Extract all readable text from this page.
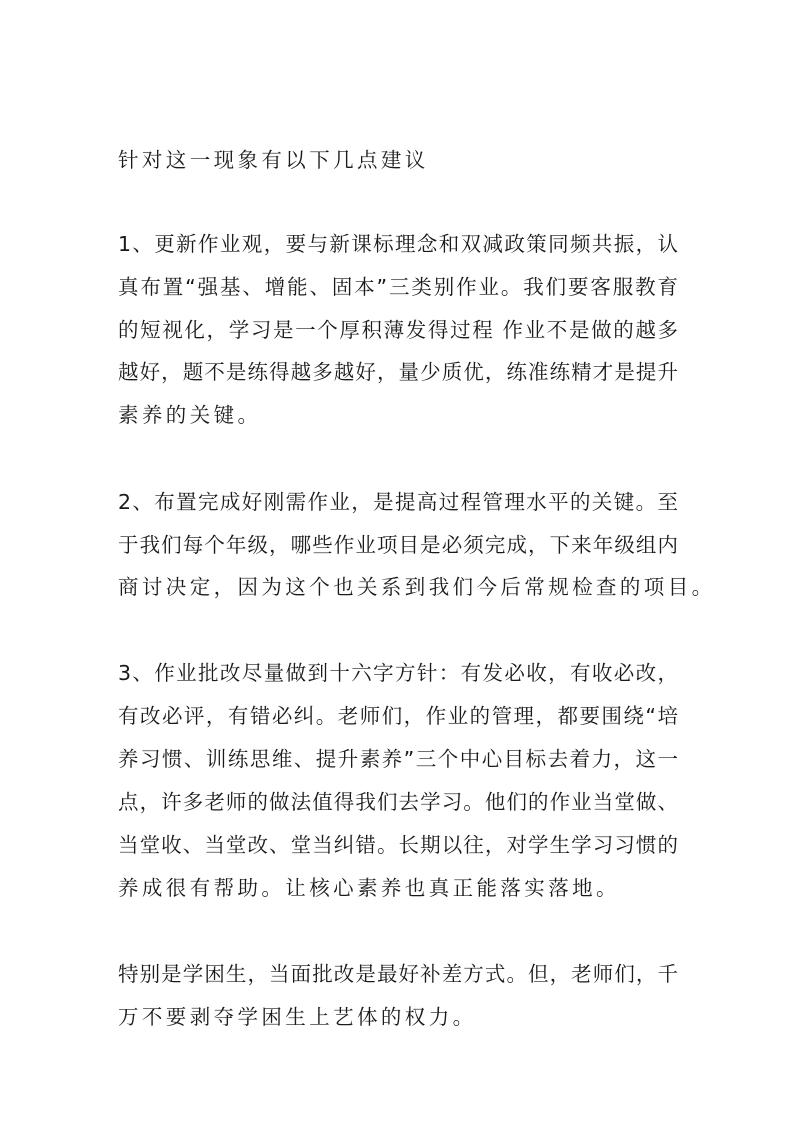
针对这一现象有以下几点建议
1、更新作业观，要与新课标理念和双减政策同频共振，认
真布置“强基、增能、固本”三类别作业。我们要客服教育
的短视化，学习是一个厚积薄发得过程 作业不是做的越多
越好，题不是练得越多越好，量少质优，练准练精才是提升
素养的关键。
2、布置完成好刚需作业，是提高过程管理水平的关键。至
于我们每个年级，哪些作业项目是必须完成，下来年级组内
商讨决定，因为这个也关系到我们今后常规检查的项目。
3、作业批改尽量做到十六字方针：有发必收，有收必改，
有改必评，有错必纠。老师们，作业的管理，都要围绕“培
养习惯、训练思维、提升素养”三个中心目标去着力，这一
点，许多老师的做法值得我们去学习。他们的作业当堂做、
当堂收、当堂改、堂当纠错。长期以往，对学生学习习惯的
养成很有帮助。让核心素养也真正能落实落地。
特别是学困生，当面批改是最好补差方式。但，老师们，千
万不要剥夺学困生上艺体的权力。
